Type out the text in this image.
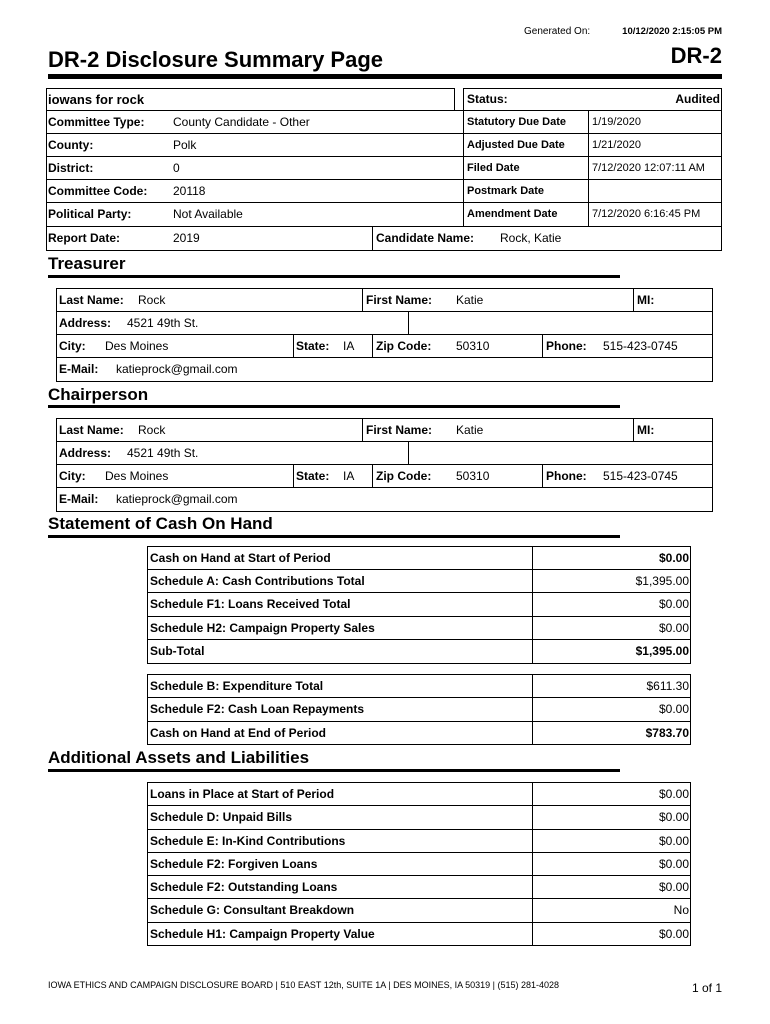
Generated On:	10/12/2020 2:15:05 PM
DR-2 Disclosure Summary Page	DR-2
iowans for rock	Status:	Audited
Committee Type: County Candidate - Other	Statutory Due Date	1/19/2020
County:	Polk	Adjusted Due Date	1/21/2020
District:	0	Filed Date	7/12/2020 12:07:11 AM
Committee Code: 20118	Postmark Date
Political Party:	Not Available	Amendment Date	7/12/2020 6:16:45 PM
Report Date:	2019	Candidate Name: Rock, Katie
Treasurer
Last Name: Rock	First Name: Katie	MI:
Address: 4521 49th St.
City: Des Moines	State: IA	Zip Code: 50310	Phone: 515-423-0745
E-Mail: katieprock@gmail.com
Chairperson
Last Name: Rock	First Name: Katie	MI:
Address: 4521 49th St.
City: Des Moines	State: IA	Zip Code: 50310	Phone: 515-423-0745
E-Mail: katieprock@gmail.com
Statement of Cash On Hand
Cash on Hand at Start of Period	$0.00
Schedule A: Cash Contributions Total	$1,395.00
Schedule F1: Loans Received Total	$0.00
Schedule H2: Campaign Property Sales	$0.00
Sub-Total	$1,395.00
Schedule B: Expenditure Total	$611.30
Schedule F2: Cash Loan Repayments	$0.00
Cash on Hand at End of Period	$783.70
Additional Assets and Liabilities
Loans in Place at Start of Period	$0.00
Schedule D: Unpaid Bills	$0.00
Schedule E: In-Kind Contributions	$0.00
Schedule F2: Forgiven Loans	$0.00
Schedule F2: Outstanding Loans	$0.00
Schedule G: Consultant Breakdown	No
Schedule H1: Campaign Property Value	$0.00
IOWA ETHICS AND CAMPAIGN DISCLOSURE BOARD | 510 EAST 12th, SUITE 1A | DES MOINES, IA 50319 | (515) 281-4028	1 of 1
